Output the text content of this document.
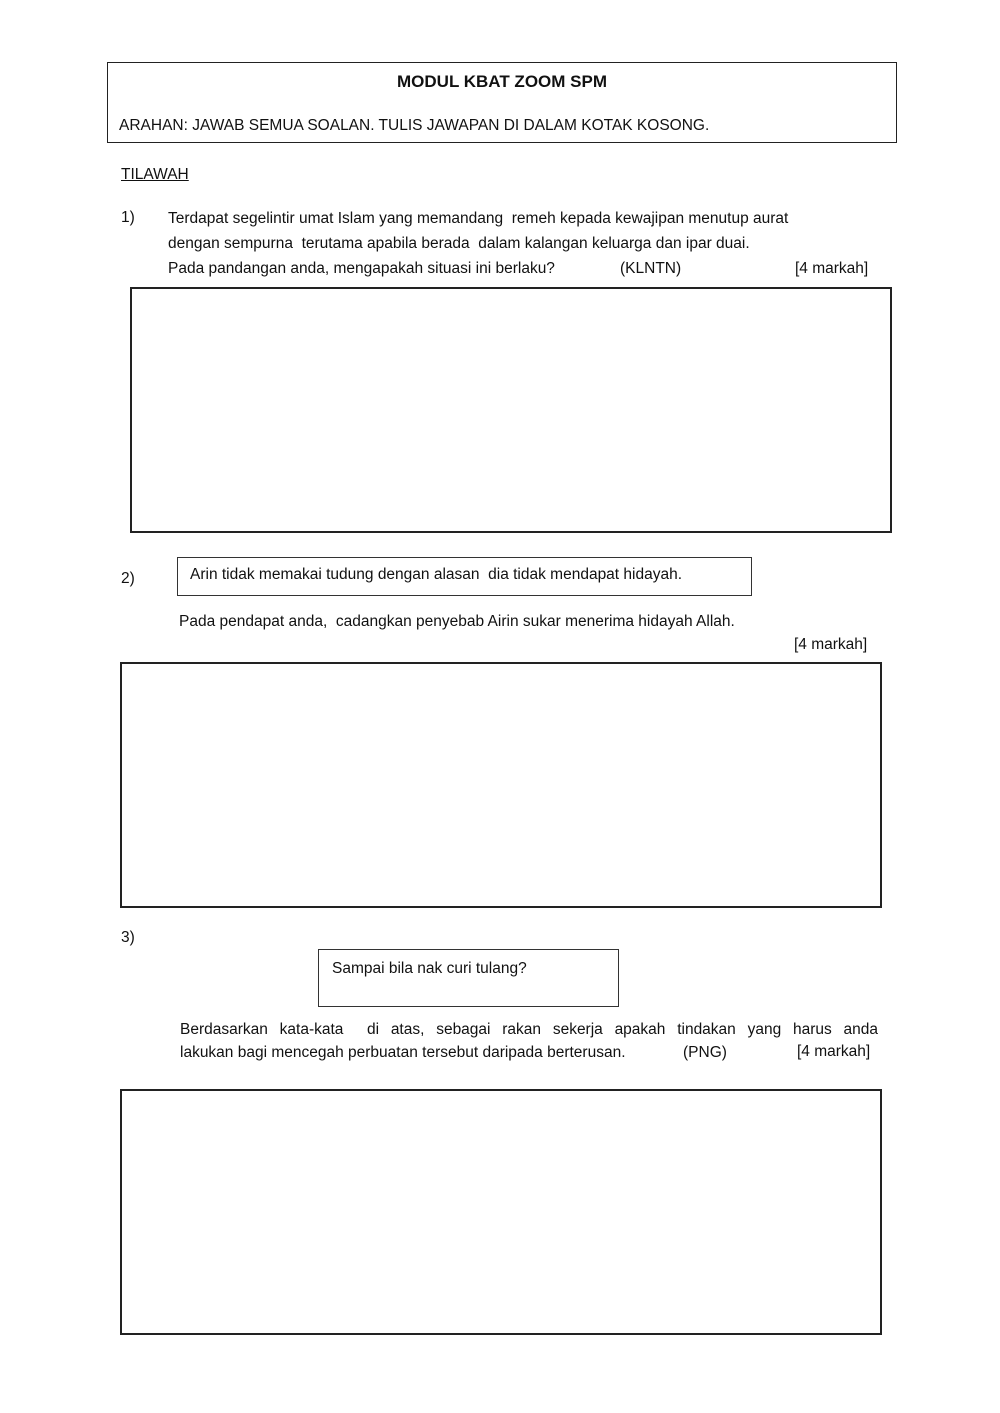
MODUL KBAT ZOOM SPM
ARAHAN: JAWAB SEMUA SOALAN. TULIS JAWAPAN DI DALAM KOTAK KOSONG.
TILAWAH
1) Terdapat segelintir umat Islam yang memandang  remeh kepada kewajipan menutup aurat
dengan sempurna  terutama apabila berada  dalam kalangan keluarga dan ipar duai.
Pada pandangan anda, mengapakah situasi ini berlaku?	(KLNTN)	[4 markah]
2)	Arin tidak memakai tudung dengan alasan  dia tidak mendapat hidayah.
Pada pendapat anda,  cadangkan penyebab Airin sukar menerima hidayah Allah.
[4 markah]
3)
Sampai bila nak curi tulang?
Berdasarkan kata-kata  di atas, sebagai rakan sekerja apakah tindakan yang harus anda
lakukan bagi mencegah perbuatan tersebut daripada berterusan.	(PNG)	[4 markah]
